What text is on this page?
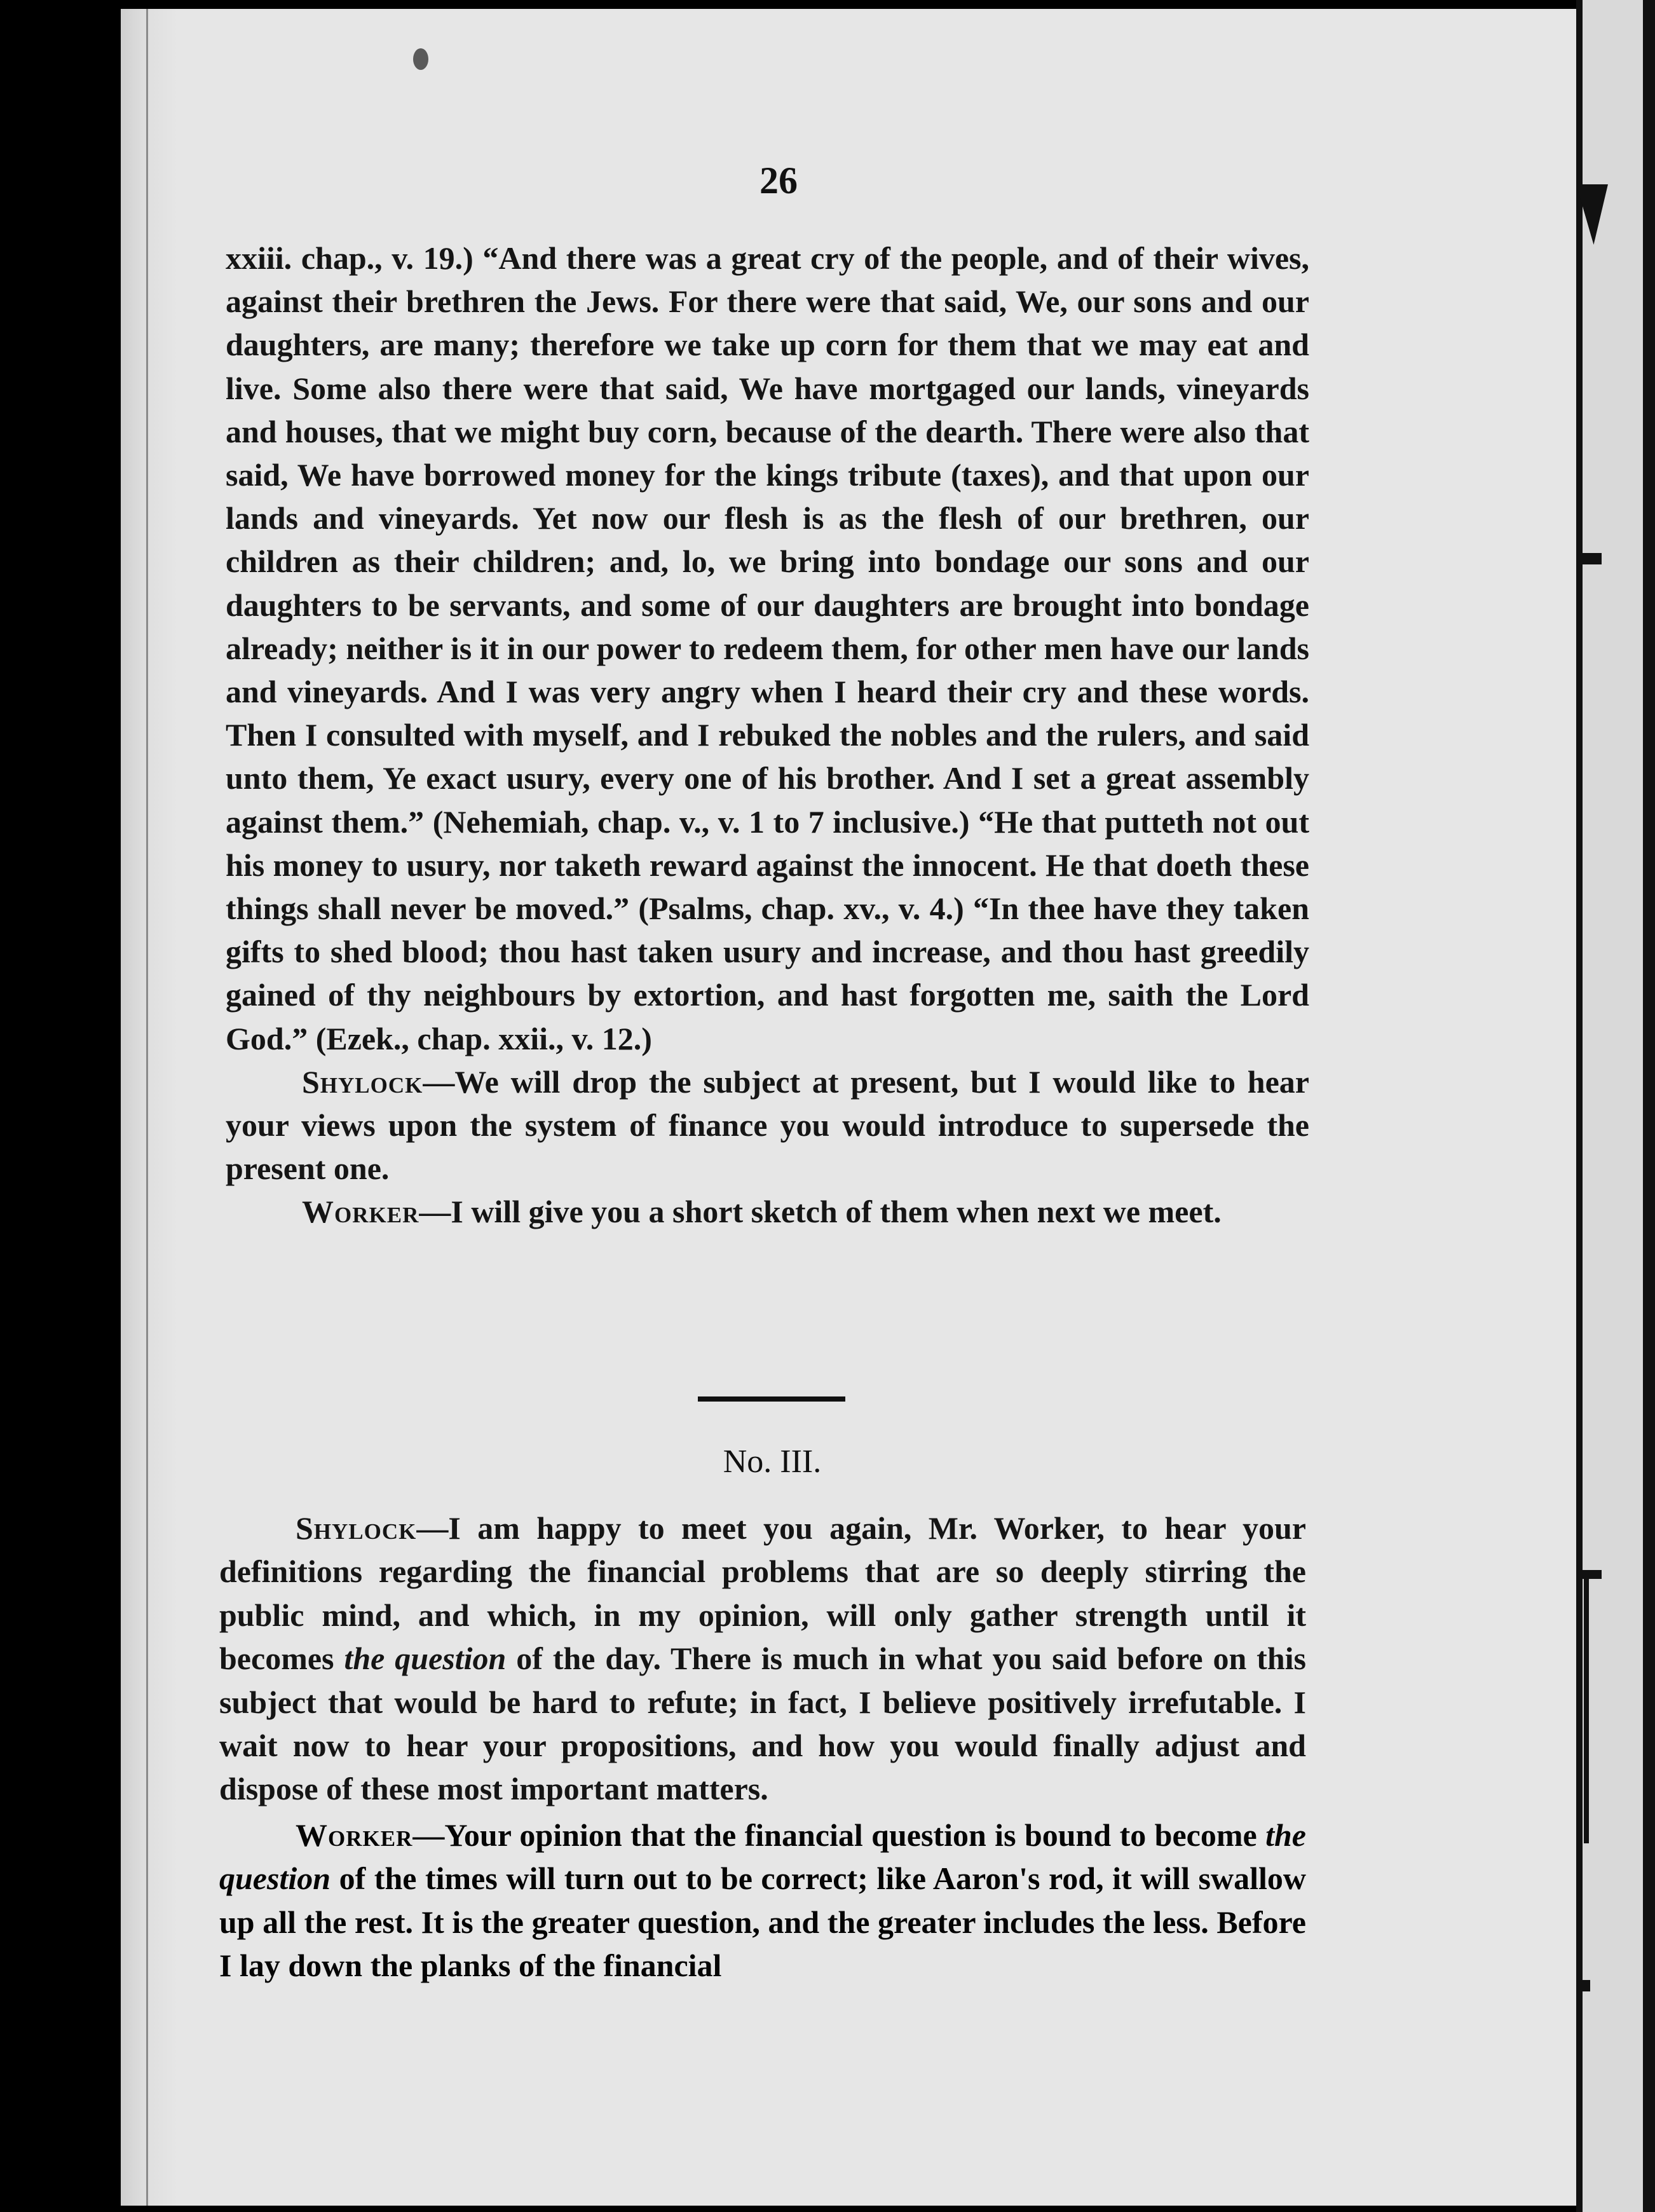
26

xxiii. chap., v. 19.) “And there was a great cry of the people, and of their wives, against their brethren the Jews. For there were that said, We, our sons and our daughters, are many; therefore we take up corn for them that we may eat and live. Some also there were that said, We have mortgaged our lands, vineyards and houses, that we might buy corn, because of the dearth. There were also that said, We have borrowed money for the kings tribute (taxes), and that upon our lands and vineyards. Yet now our flesh is as the flesh of our brethren, our children as their children; and, lo, we bring into bondage our sons and our daughters to be servants, and some of our daughters are brought into bondage already; neither is it in our power to redeem them, for other men have our lands and vineyards. And I was very angry when I heard their cry and these words. Then I consulted with myself, and I rebuked the nobles and the rulers, and said unto them, Ye exact usury, every one of his brother. And I set a great assembly against them.” (Nehemiah, chap. v., v. 1 to 7 inclusive.) “He that putteth not out his money to usury, nor taketh reward against the innocent. He that doeth these things shall never be moved.” (Psalms, chap. xv., v. 4.) “In thee have they taken gifts to shed blood; thou hast taken usury and increase, and thou hast greedily gained of thy neighbours by extortion, and hast forgotten me, saith the Lord God.” (Ezek., chap. xxii., v. 12.)

Shylock—We will drop the subject at present, but I would like to hear your views upon the system of finance you would introduce to supersede the present one.

Worker—I will give you a short sketch of them when next we meet.

No. III.

Shylock—I am happy to meet you again, Mr. Worker, to hear your definitions regarding the financial problems that are so deeply stirring the public mind, and which, in my opinion, will only gather strength until it becomes the question of the day. There is much in what you said before on this subject that would be hard to refute; in fact, I believe positively irrefutable. I wait now to hear your propositions, and how you would finally adjust and dispose of these most important matters.

Worker—Your opinion that the financial question is bound to become the question of the times will turn out to be correct; like Aaron's rod, it will swallow up all the rest. It is the greater question, and the greater includes the less. Before I lay down the planks of the financial
